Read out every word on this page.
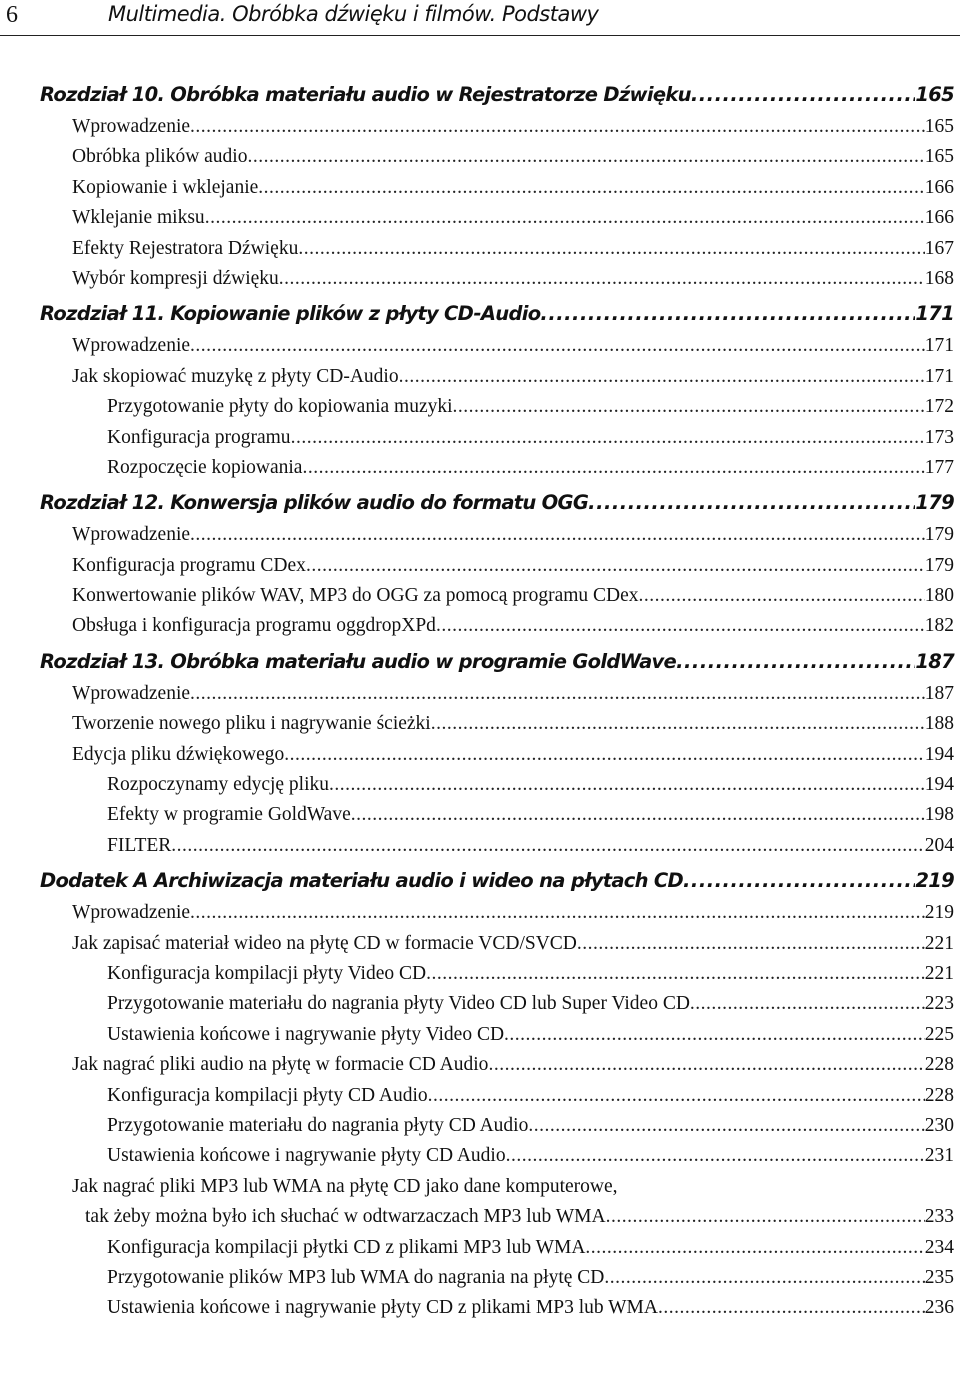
6	Multimedia. Obróbka dźwięku i filmów. Podstawy
Rozdział 10. Obróbka materiału audio w Rejestratorze Dźwięku .....	165
Wprowadzenie .....	165
Obróbka plików audio .....	165
Kopiowanie i wklejanie .....	166
Wklejanie miksu .....	166
Efekty Rejestratora Dźwięku .....	167
Wybór kompresji dźwięku .....	168
Rozdział 11. Kopiowanie plików z płyty CD-Audio .....	171
Wprowadzenie .....	171
Jak skopiować muzykę z płyty CD-Audio .....	171
Przygotowanie płyty do kopiowania muzyki .....	172
Konfiguracja programu .....	173
Rozpoczęcie kopiowania .....	177
Rozdział 12. Konwersja plików audio do formatu OGG .....	179
Wprowadzenie .....	179
Konfiguracja programu CDex .....	179
Konwertowanie plików WAV, MP3 do OGG za pomocą programu CDex .....	180
Obsługa i konfiguracja programu oggdropXPd .....	182
Rozdział 13. Obróbka materiału audio w programie GoldWave .....	187
Wprowadzenie .....	187
Tworzenie nowego pliku i nagrywanie ścieżki .....	188
Edycja pliku dźwiękowego .....	194
Rozpoczynamy edycję pliku .....	194
Efekty w programie GoldWave .....	198
FILTER .....	204
Dodatek A Archiwizacja materiału audio i wideo na płytach CD .....	219
Wprowadzenie .....	219
Jak zapisać materiał wideo na płytę CD w formacie VCD/SVCD .....	221
Konfiguracja kompilacji płyty Video CD .....	221
Przygotowanie materiału do nagrania płyty Video CD lub Super Video CD .....	223
Ustawienia końcowe i nagrywanie płyty Video CD .....	225
Jak nagrać pliki audio na płytę w formacie CD Audio .....	228
Konfiguracja kompilacji płyty CD Audio .....	228
Przygotowanie materiału do nagrania płyty CD Audio .....	230
Ustawienia końcowe i nagrywanie płyty CD Audio .....	231
Jak nagrać pliki MP3 lub WMA na płytę CD jako dane komputerowe,
tak żeby można było ich słuchać w odtwarzaczach MP3 lub WMA .....	233
Konfiguracja kompilacji płytki CD z plikami MP3 lub WMA .....	234
Przygotowanie plików MP3 lub WMA do nagrania na płytę CD .....	235
Ustawienia końcowe i nagrywanie płyty CD z plikami MP3 lub WMA .....	236
